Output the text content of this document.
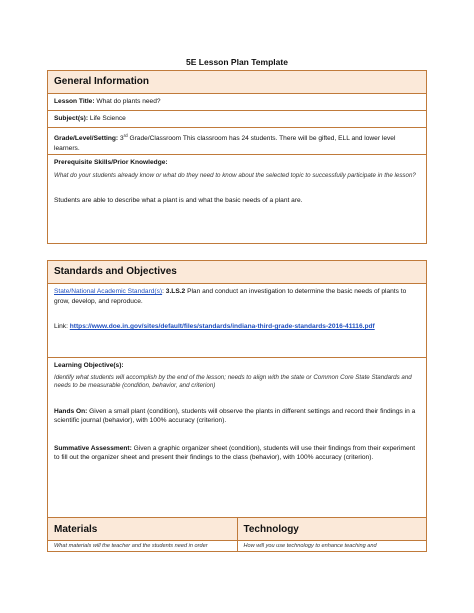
5E Lesson Plan Template
General Information
Lesson Title: What do plants need?
Subject(s): Life Science
Grade/Level/Setting: 3rd Grade/Classroom This classroom has 24 students. There will be gifted, ELL and lower level learners.
Prerequisite Skills/Prior Knowledge:
What do your students already know or what do they need to know about the selected topic to successfully participate in the lesson?
Students are able to describe what a plant is and what the basic needs of a plant are.
Standards and Objectives
State/National Academic Standard(s): 3.LS.2 Plan and conduct an investigation to determine the basic needs of plants to grow, develop, and reproduce.
Link: https://www.doe.in.gov/sites/default/files/standards/indiana-third-grade-standards-2016-41116.pdf
Learning Objective(s):
Identify what students will accomplish by the end of the lesson; needs to align with the state or Common Core State Standards and needs to be measurable (condition, behavior, and criterion)
Hands On: Given a small plant (condition), students will observe the plants in different settings and record their findings in a scientific journal (behavior), with 100% accuracy (criterion).
Summative Assessment: Given a graphic organizer sheet (condition), students will use their findings from their experiment to fill out the organizer sheet and present their findings to the class (behavior), with 100% accuracy (criterion).
Materials	Technology
What materials will the teacher and the students need in order	How will you use technology to enhance teaching and
